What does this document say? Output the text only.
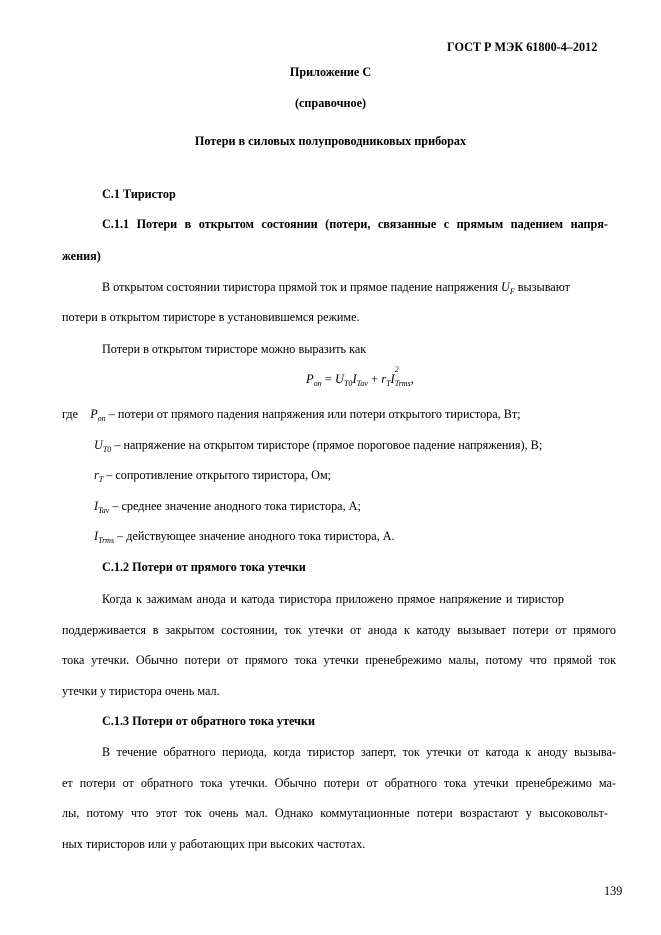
ГОСТ Р МЭК 61800-4–2012
Приложение С
(справочное)
Потери в силовых полупроводниковых приборах
С.1 Тиристор
С.1.1 Потери в открытом состоянии (потери, связанные с прямым падением напря-
жения)
В открытом состоянии тиристора прямой ток и прямое падение напряжения $U_F$ вызывают
потери в открытом тиристоре в установившемся режиме.
Потери в открытом тиристоре можно выразить как
$P_{on} = U_{T0}I_{Tav} + r_TI$
2
$_{Trms}$,
где $P_{on}$ – потери от прямого падения напряжения или потери открытого тиристора, Вт;
$U_{T0}$ – напряжение на открытом тиристоре (прямое пороговое падение напряжения), В;
$r_T$ – сопротивление открытого тиристора, Ом;
$I_{Tav}$ – среднее значение анодного тока тиристора, А;
$I_{Trms}$ – действующее значение анодного тока тиристора, А.
С.1.2 Потери от прямого тока утечки
Когда к зажимам анода и катода тиристора приложено прямое напряжение и тиристор
поддерживается в закрытом состоянии, ток утечки от анода к катоду вызывает потери от прямого
тока утечки. Обычно потери от прямого тока утечки пренебрежимо малы, потому что прямой ток
утечки у тиристора очень мал.
С.1.3 Потери от обратного тока утечки
В течение обратного периода, когда тиристор заперт, ток утечки от катода к аноду вызыва-
ет потери от обратного тока утечки. Обычно потери от обратного тока утечки пренебрежимо ма-
лы, потому что этот ток очень мал. Однако коммутационные потери возрастают у высоковольт-
ных тиристоров или у работающих при высоких частотах.
139
